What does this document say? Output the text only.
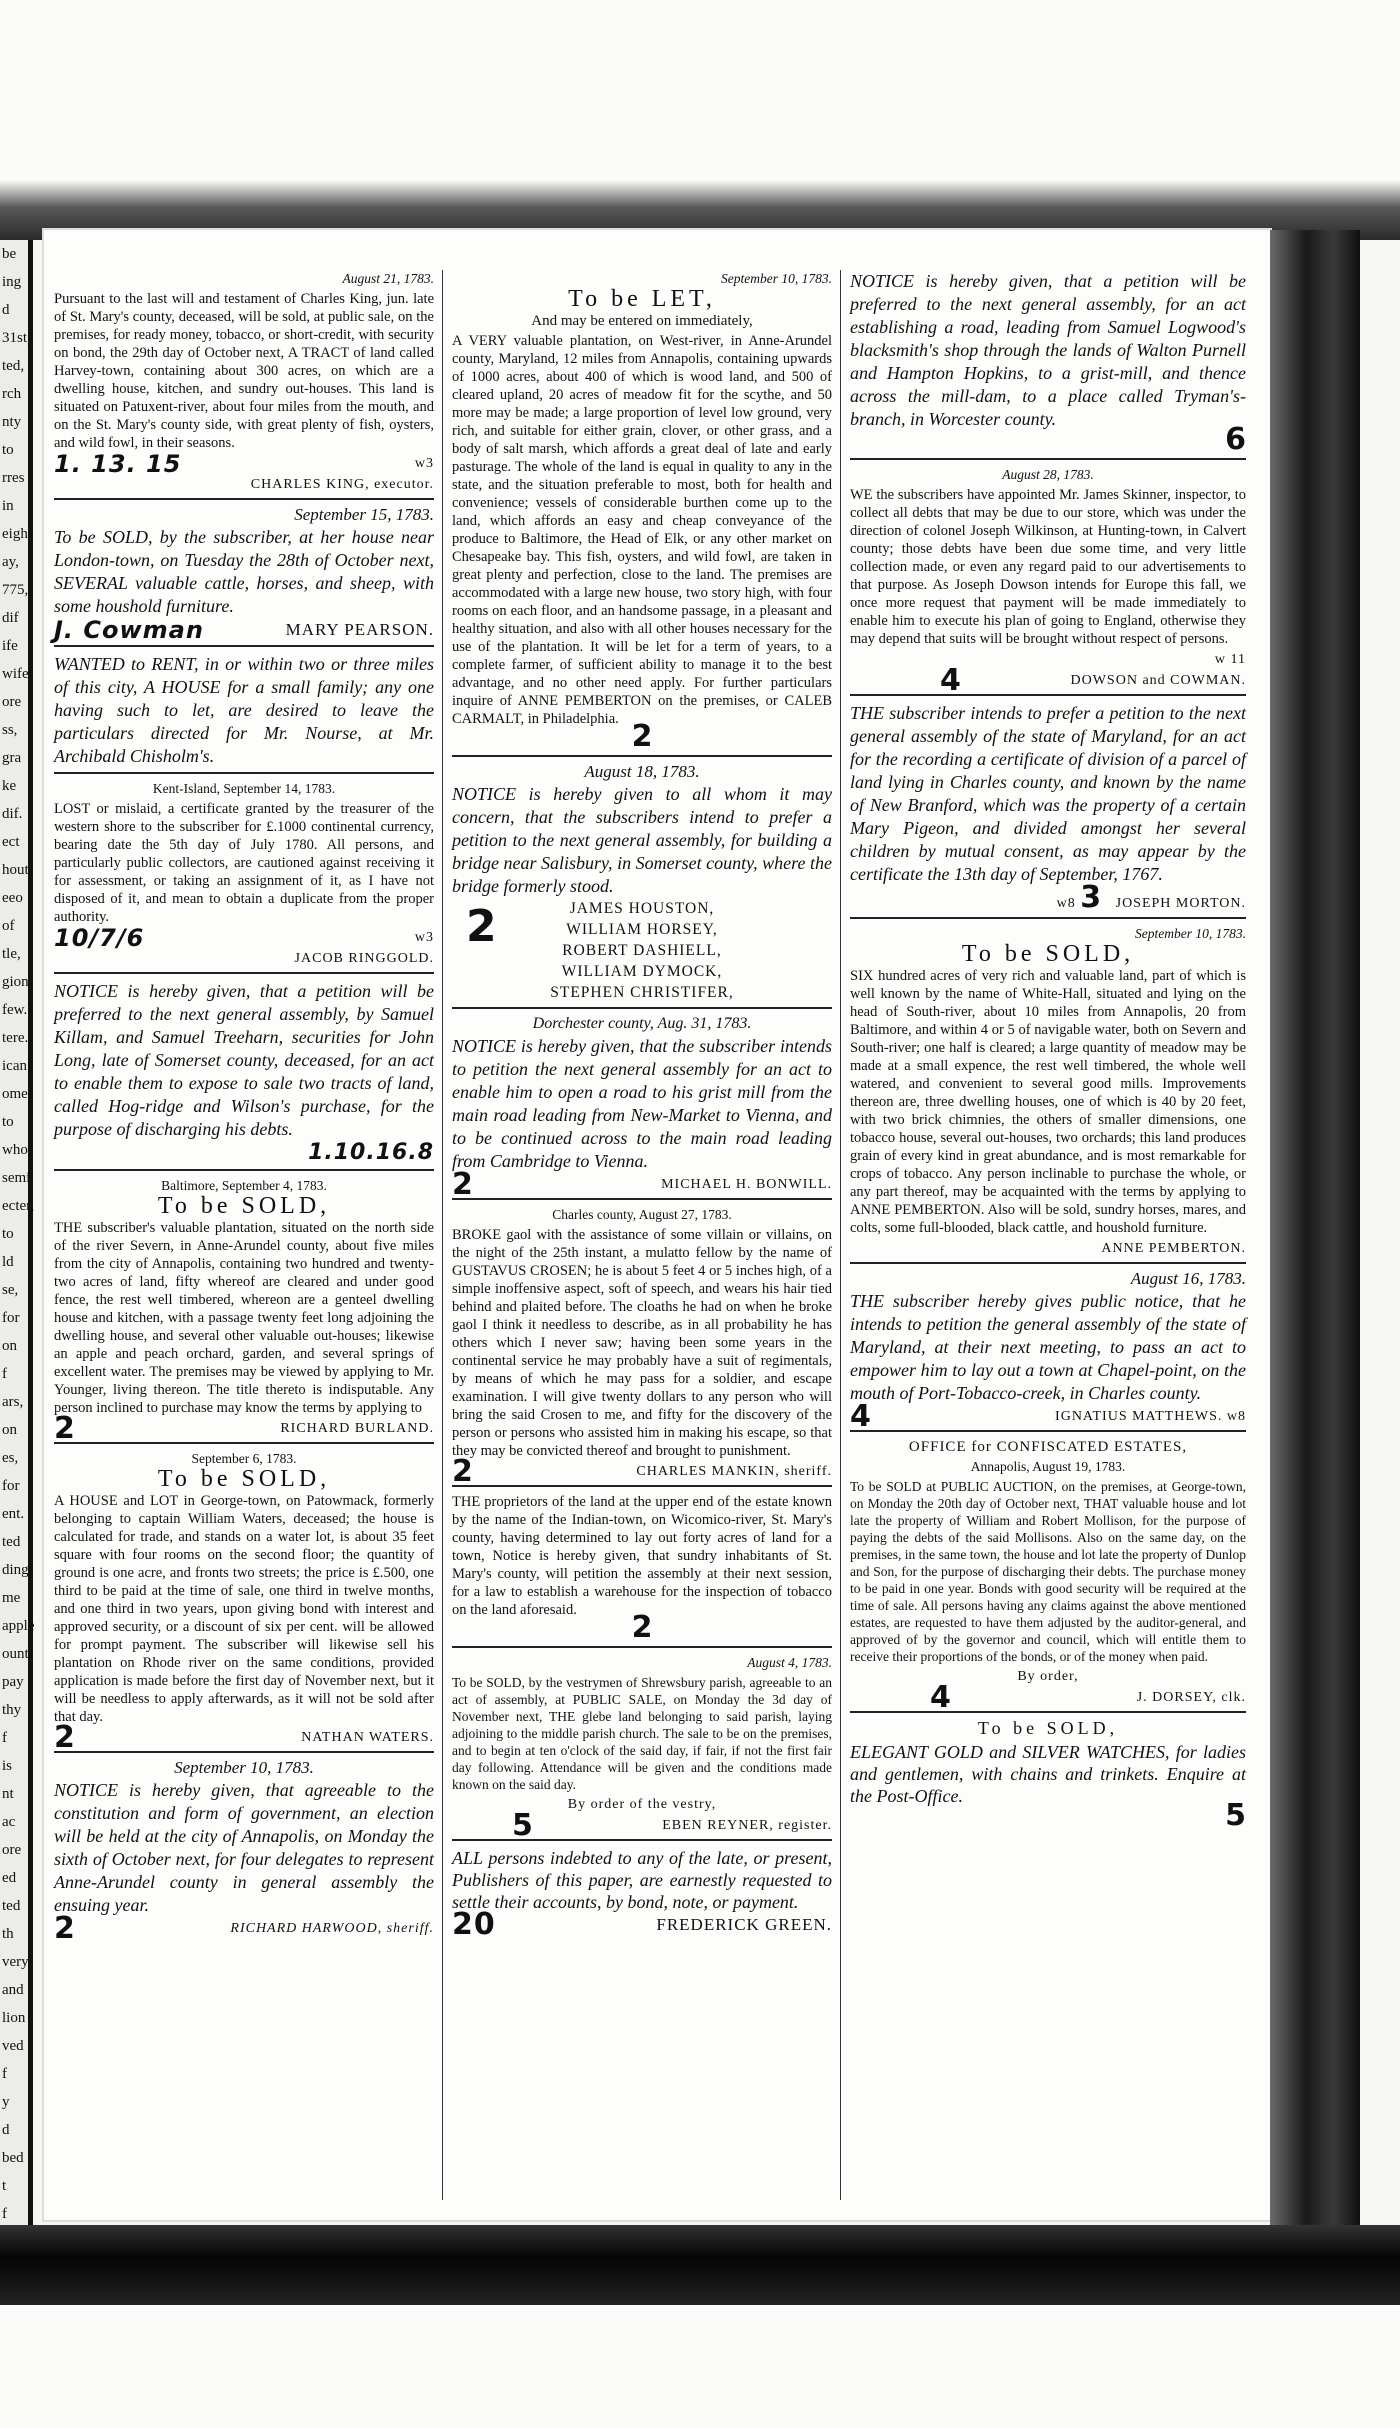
be
ing
d
31st,
ted,
rch
nty
to
rres
in
eigh
ay,
775,
dif
ife
wife
ore
ss,
gra
ke
dif.
ect
hout
eeo
of
tle,
gion
few.
tere.
ican
ome
to
who
semi
ecter,
to
ld
se,
for
on
f
ars,
on
es,
for
ent.
ted
ding
me
apple
ount
pay
thy
f
is
nt
ac
ore
ed
ted
th
very
and
lion
ved
f
y
d
bed
t
f
August 21, 1783.
Pursuant to the last will and testament of Charles King, jun. late of St. Mary's county, deceased, will be sold, at public sale, on the premises, for ready money, tobacco, or short-credit, with security on bond, the 29th day of October next, A TRACT of land called Harvey-town, containing about 300 acres, on which are a dwelling house, kitchen, and sundry out-houses. This land is situated on Patuxent-river, about four miles from the mouth, and on the St. Mary's county side, with great plenty of fish, oysters, and wild fowl, in their seasons.
1. 13. 15	w3
CHARLES KING, executor.
September 15, 1783.
To be SOLD, by the subscriber, at her house near London-town, on Tuesday the 28th of October next, SEVERAL valuable cattle, horses, and sheep, with some houshold furniture.
J. Cowman	MARY PEARSON.
WANTED to RENT, in or within two or three miles of this city, A HOUSE for a small family; any one having such to let, are desired to leave the particulars directed for Mr. Nourse, at Mr. Archibald Chisholm's.
Kent-Island, September 14, 1783.
LOST or mislaid, a certificate granted by the treasurer of the western shore to the subscriber for £.1000 continental currency, bearing date the 5th day of July 1780. All persons, and particularly public collectors, are cautioned against receiving it for assessment, or taking an assignment of it, as I have not disposed of it, and mean to obtain a duplicate from the proper authority.
10/7/6	w3
JACOB RINGGOLD.
NOTICE is hereby given, that a petition will be preferred to the next general assembly, by Samuel Killam, and Samuel Treeharn, securities for John Long, late of Somerset county, deceased, for an act to enable them to expose to sale two tracts of land, called Hog-ridge and Wilson's purchase, for the purpose of discharging his debts.
1.10.16.8
Baltimore, September 4, 1783.
To be SOLD,
THE subscriber's valuable plantation, situated on the north side of the river Severn, in Anne-Arundel county, about five miles from the city of Annapolis, containing two hundred and twenty-two acres of land, fifty whereof are cleared and under good fence, the rest well timbered, whereon are a genteel dwelling house and kitchen, with a passage twenty feet long adjoining the dwelling house, and several other valuable out-houses; likewise an apple and peach orchard, garden, and several springs of excellent water. The premises may be viewed by applying to Mr. Younger, living thereon. The title thereto is indisputable. Any person inclined to purchase may know the terms by applying to
2	RICHARD BURLAND.
September 6, 1783.
To be SOLD,
A HOUSE and LOT in George-town, on Patowmack, formerly belonging to captain William Waters, deceased; the house is calculated for trade, and stands on a water lot, is about 35 feet square with four rooms on the second floor; the quantity of ground is one acre, and fronts two streets; the price is £.500, one third to be paid at the time of sale, one third in twelve months, and one third in two years, upon giving bond with interest and approved security, or a discount of six per cent. will be allowed for prompt payment. The subscriber will likewise sell his plantation on Rhode river on the same conditions, provided application is made before the first day of November next, but it will be needless to apply afterwards, as it will not be sold after that day.
2	NATHAN WATERS.
September 10, 1783.
NOTICE is hereby given, that agreeable to the constitution and form of government, an election will be held at the city of Annapolis, on Monday the sixth of October next, for four delegates to represent Anne-Arundel county in general assembly the ensuing year.
2	RICHARD HARWOOD, sheriff.
September 10, 1783.
To be LET,
And may be entered on immediately,
A VERY valuable plantation, on West-river, in Anne-Arundel county, Maryland, 12 miles from Annapolis, containing upwards of 1000 acres, about 400 of which is wood land, and 500 of cleared upland, 20 acres of meadow fit for the scythe, and 50 more may be made; a large proportion of level low ground, very rich, and suitable for either grain, clover, or other grass, and a body of salt marsh, which affords a great deal of late and early pasturage. The whole of the land is equal in quality to any in the state, and the situation preferable to most, both for health and convenience; vessels of considerable burthen come up to the land, which affords an easy and cheap conveyance of the produce to Baltimore, the Head of Elk, or any other market on Chesapeake bay. This fish, oysters, and wild fowl, are taken in great plenty and perfection, close to the land. The premises are accommodated with a large new house, two story high, with four rooms on each floor, and an handsome passage, in a pleasant and healthy situation, and also with all other houses necessary for the use of the plantation. It will be let for a term of years, to a complete farmer, of sufficient ability to manage it to the best advantage, and no other need apply. For further particulars inquire of ANNE PEMBERTON on the premises, or CALEB CARMALT, in Philadelphia. 2
August 18, 1783.
NOTICE is hereby given to all whom it may concern, that the subscribers intend to prefer a petition to the next general assembly, for building a bridge near Salisbury, in Somerset county, where the bridge formerly stood.
2	JAMES HOUSTON,
WILLIAM HORSEY,
ROBERT DASHIELL,
WILLIAM DYMOCK,
STEPHEN CHRISTIFER,
Dorchester county, Aug. 31, 1783.
NOTICE is hereby given, that the subscriber intends to petition the next general assembly for an act to enable him to open a road to his grist mill from the main road leading from New-Market to Vienna, and to be continued across to the main road leading from Cambridge to Vienna.
2	MICHAEL H. BONWILL.
Charles county, August 27, 1783.
BROKE gaol with the assistance of some villain or villains, on the night of the 25th instant, a mulatto fellow by the name of GUSTAVUS CROSEN; he is about 5 feet 4 or 5 inches high, of a simple inoffensive aspect, soft of speech, and wears his hair tied behind and plaited before. The cloaths he had on when he broke gaol I think it needless to describe, as in all probability he has others which I never saw; having been some years in the continental service he may probably have a suit of regimentals, by means of which he may pass for a soldier, and escape examination. I will give twenty dollars to any person who will bring the said Crosen to me, and fifty for the discovery of the person or persons who assisted him in making his escape, so that they may be convicted thereof and brought to punishment.
2	CHARLES MANKIN, sheriff.
THE proprietors of the land at the upper end of the estate known by the name of the Indian-town, on Wicomico-river, St. Mary's county, having determined to lay out forty acres of land for a town, Notice is hereby given, that sundry inhabitants of St. Mary's county, will petition the assembly at their next session, for a law to establish a warehouse for the inspection of tobacco on the land aforesaid.	2
August 4, 1783.
To be SOLD, by the vestrymen of Shrewsbury parish, agreeable to an act of assembly, at PUBLIC SALE, on Monday the 3d day of November next, THE glebe land belonging to said parish, laying adjoining to the middle parish church. The sale to be on the premises, and to begin at ten o'clock of the said day, if fair, if not the first fair day following. Attendance will be given and the conditions made known on the said day.
By order of the vestry,
5	EBEN REYNER, register.
ALL persons indebted to any of the late, or present, Publishers of this paper, are earnestly requested to settle their accounts, by bond, note, or payment.
20	FREDERICK GREEN.
NOTICE is hereby given, that a petition will be preferred to the next general assembly, for an act establishing a road, leading from Samuel Logwood's blacksmith's shop through the lands of Walton Purnell and Hampton Hopkins, to a grist-mill, and thence across the mill-dam, to a place called Tryman's-branch, in Worcester county.
6
August 28, 1783.
WE the subscribers have appointed Mr. James Skinner, inspector, to collect all debts that may be due to our store, which was under the direction of colonel Joseph Wilkinson, at Hunting-town, in Calvert county; those debts have been due some time, and very little collection made, or even any regard paid to our advertisements to that purpose. As Joseph Dowson intends for Europe this fall, we once more request that payment will be made immediately to enable him to execute his plan of going to England, otherwise they may depend that suits will be brought without respect of persons.
w 11
4	DOWSON and COWMAN.
THE subscriber intends to prefer a petition to the next general assembly of the state of Maryland, for an act for the recording a certificate of division of a parcel of land lying in Charles county, and known by the name of New Branford, which was the property of a certain Mary Pigeon, and divided amongst her several children by mutual consent, as may appear by the certificate the 13th day of September, 1767.
w8 3 JOSEPH MORTON.
September 10, 1783.
To be SOLD,
SIX hundred acres of very rich and valuable land, part of which is well known by the name of White-Hall, situated and lying on the head of South-river, about 10 miles from Annapolis, 20 from Baltimore, and within 4 or 5 of navigable water, both on Severn and South-river; one half is cleared; a large quantity of meadow may be made at a small expence, the rest well timbered, the whole well watered, and convenient to several good mills. Improvements thereon are, three dwelling houses, one of which is 40 by 20 feet, with two brick chimnies, the others of smaller dimensions, one tobacco house, several out-houses, two orchards; this land produces grain of every kind in great abundance, and is most remarkable for crops of tobacco. Any person inclinable to purchase the whole, or any part thereof, may be acquainted with the terms by applying to ANNE PEMBERTON. Also will be sold, sundry horses, mares, and colts, some full-blooded, black cattle, and houshold furniture.
ANNE PEMBERTON.
August 16, 1783.
THE subscriber hereby gives public notice, that he intends to petition the general assembly of the state of Maryland, at their next meeting, to pass an act to empower him to lay out a town at Chapel-point, on the mouth of Port-Tobacco-creek, in Charles county.
4	IGNATIUS MATTHEWS. w8
OFFICE for CONFISCATED ESTATES,
Annapolis, August 19, 1783.
To be SOLD at PUBLIC AUCTION, on the premises, at George-town, on Monday the 20th day of October next, THAT valuable house and lot late the property of William and Robert Mollison, for the purpose of paying the debts of the said Mollisons. Also on the same day, on the premises, in the same town, the house and lot late the property of Dunlop and Son, for the purpose of discharging their debts. The purchase money to be paid in one year. Bonds with good security will be required at the time of sale. All persons having any claims against the above mentioned estates, are requested to have them adjusted by the auditor-general, and approved of by the governor and council, which will entitle them to receive their proportions of the bonds, or of the money when paid.
By order,
4	J. DORSEY, clk.
To be SOLD,
ELEGANT GOLD and SILVER WATCHES, for ladies and gentlemen, with chains and trinkets. Enquire at the Post-Office.
5
